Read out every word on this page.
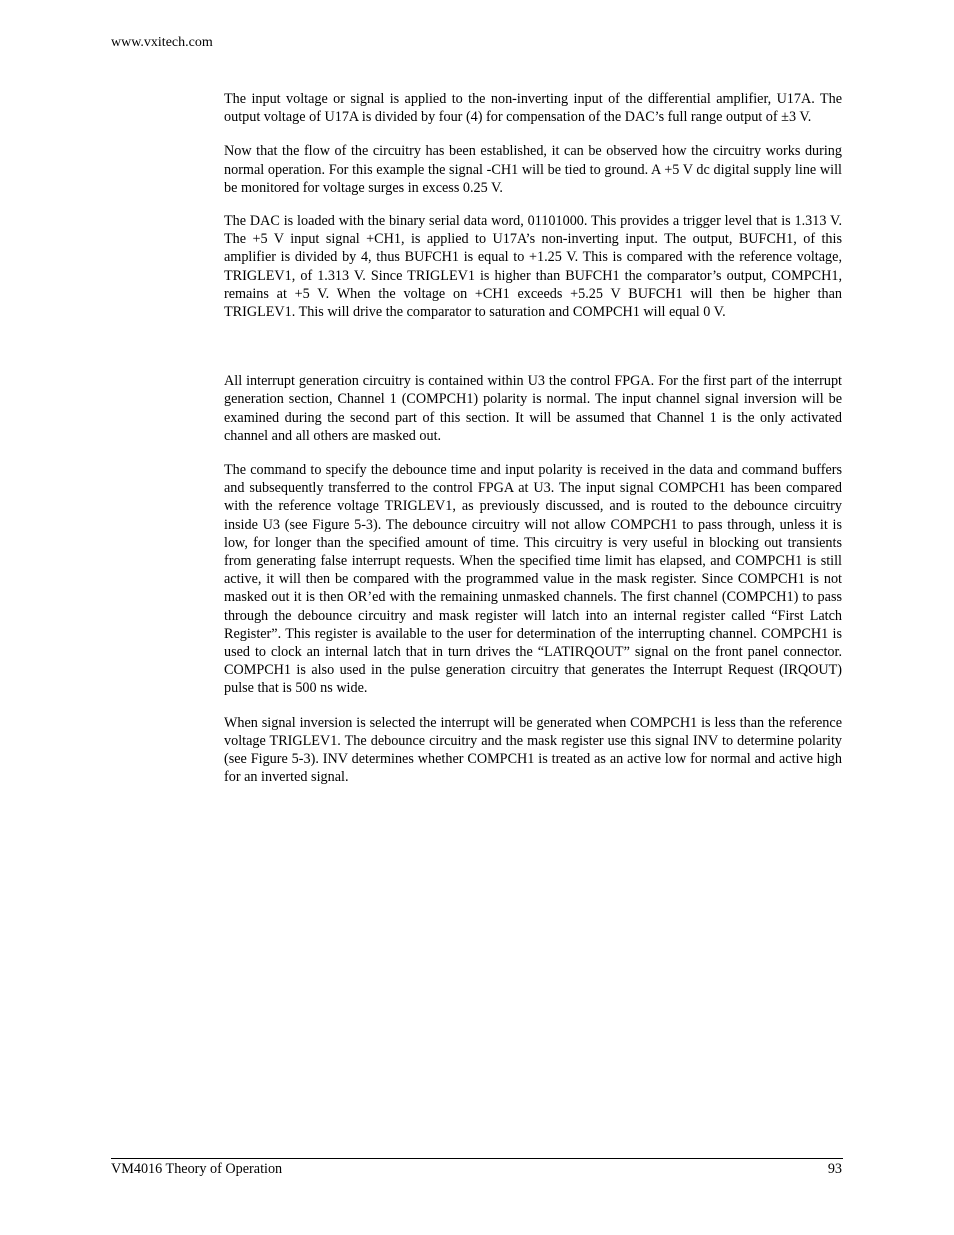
www.vxitech.com

The input voltage or signal is applied to the non-inverting input of the differential amplifier, U17A. The output voltage of U17A is divided by four (4) for compensation of the DAC’s full range output of ±3 V.

Now that the flow of the circuitry has been established, it can be observed how the circuitry works during normal operation. For this example the signal -CH1 will be tied to ground. A +5 V dc digital supply line will be monitored for voltage surges in excess 0.25 V.

The DAC is loaded with the binary serial data word, 01101000. This provides a trigger level that is 1.313 V. The +5 V input signal +CH1, is applied to U17A’s non-inverting input. The output, BUFCH1, of this amplifier is divided by 4, thus BUFCH1 is equal to +1.25 V. This is compared with the reference voltage, TRIGLEV1, of 1.313 V. Since TRIGLEV1 is higher than BUFCH1 the comparator’s output, COMPCH1, remains at +5 V. When the voltage on +CH1 exceeds +5.25 V BUFCH1 will then be higher than TRIGLEV1. This will drive the comparator to saturation and COMPCH1 will equal 0 V.

All interrupt generation circuitry is contained within U3 the control FPGA. For the first part of the interrupt generation section, Channel 1 (COMPCH1) polarity is normal. The input channel signal inversion will be examined during the second part of this section. It will be assumed that Channel 1 is the only activated channel and all others are masked out.

The command to specify the debounce time and input polarity is received in the data and command buffers and subsequently transferred to the control FPGA at U3. The input signal COMPCH1 has been compared with the reference voltage TRIGLEV1, as previously discussed, and is routed to the debounce circuitry inside U3 (see Figure 5-3). The debounce circuitry will not allow COMPCH1 to pass through, unless it is low, for longer than the specified amount of time. This circuitry is very useful in blocking out transients from generating false interrupt requests. When the specified time limit has elapsed, and COMPCH1 is still active, it will then be compared with the programmed value in the mask register. Since COMPCH1 is not masked out it is then OR’ed with the remaining unmasked channels. The first channel (COMPCH1) to pass through the debounce circuitry and mask register will latch into an internal register called “First Latch Register”. This register is available to the user for determination of the interrupting channel. COMPCH1 is used to clock an internal latch that in turn drives the “LATIRQOUT” signal on the front panel connector. COMPCH1 is also used in the pulse generation circuitry that generates the Interrupt Request (IRQOUT) pulse that is 500 ns wide.

When signal inversion is selected the interrupt will be generated when COMPCH1 is less than the reference voltage TRIGLEV1. The debounce circuitry and the mask register use this signal INV to determine polarity (see Figure 5-3). INV determines whether COMPCH1 is treated as an active low for normal and active high for an inverted signal.

VM4016 Theory of Operation	93
